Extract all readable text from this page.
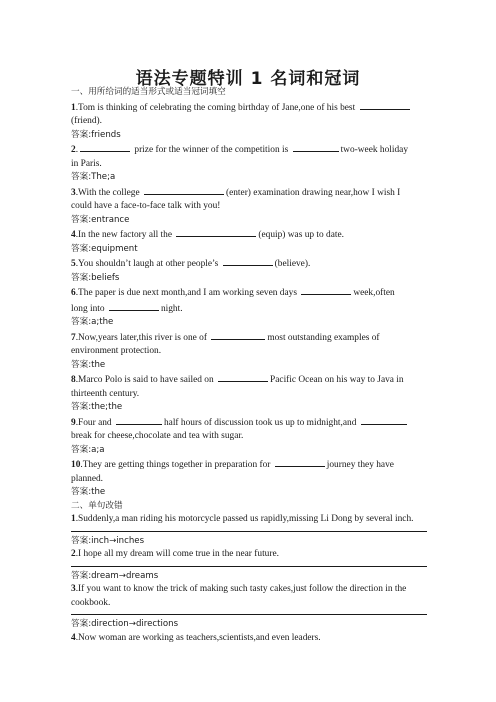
语法专题特训 1 名词和冠词
一、用所给词的适当形式或适当冠词填空
1.Tom is thinking of celebrating the coming birthday of Jane,one of his best
(friend).
答案:friends
2.	prize for the winner of the competition is	two-week holiday
in Paris.
答案:The;a
3.With the college	(enter) examination drawing near,how I wish I
could have a face-to-face talk with you!
答案:entrance
4.In the new factory all the	(equip) was up to date.
答案:equipment
5.You shouldn’t laugh at other people’s	(believe).
答案:beliefs
6.The paper is due next month,and I am working seven days	week,often
long into	night.
答案:a;the
7.Now,years later,this river is one of	most outstanding examples of
environment protection.
答案:the
8.Marco Polo is said to have sailed on	Pacific Ocean on his way to Java in
thirteenth century.
答案:the;the
9.Four and	half hours of discussion took us up to midnight,and
break for cheese,chocolate and tea with sugar.
答案:a;a
10.They are getting things together in preparation for	journey they have
planned.
答案:the
二、单句改错
1.Suddenly,a man riding his motorcycle passed us rapidly,missing Li Dong by several inch.
答案:inch→inches
2.I hope all my dream will come true in the near future.
答案:dream→dreams
3.If you want to know the trick of making such tasty cakes,just follow the direction in the cookbook.
答案:direction→directions
4.Now woman are working as teachers,scientists,and even leaders.
